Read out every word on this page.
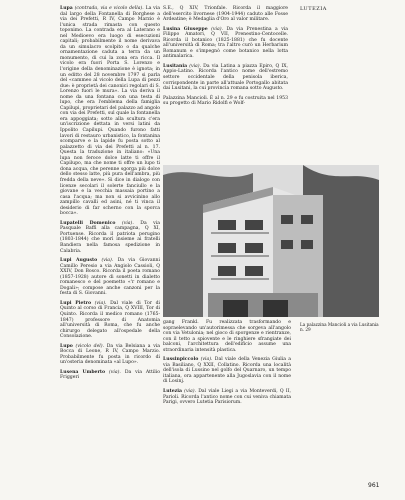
LUTEZIA

Lupa (contrada, via e vicolo della). La via dal largo della Fontanella di Borghese a via dei Prefetti, R IV, Campo Marzio è l'unica strada rimasta con questo toponimo. La contrada era al Laterano e nel Medioevo era luogo di esecuzioni capitali; probabilmente il nome derivava da un simulacro scolpito o da qualche ornamentazione caduta a terra da un monumento, di cui la zona era ricca. Il vicolo era fuori Porta S. Lorenzo e l'origine della denominazione è ignota; in un editto del 28 novembre 1797 si parla del «cammeo al vicolo della Lupa di pezzi due: è proprietà dei canonici regolari di S. Lorenzo fuori le mura». La via deriva il nome da una fontana con una testa di lupo, che era l'emblema della famiglia Capilupi, proprietari del palazzo ad angolo con via dei Prefetti, sul quale la fontanella era appoggiata; sotto alla scultura c'era un'iscrizione dettata in versi latini da Ippolito Capilupi. Quando furono fatti lavori di restauro urbanistico, la fontanina scomparve e la lapide fu posta sotto al palazzetto di via dei Prefetti al n. 17. Questa la traduzione in italiano: «Una lupa non feroce dolce latte ti offre il Capilupo, ma che nome ti offre un lupo ti dona acqua, che perenne sgorga più dolce dello stesso latte, più pura dell'ambra, più fredda della neve». Si dice in dialogo con licenze secolari il solerte fanciullo e la giovane e la vecchia massaia portino a casa l'acqua; ma non si avvicinino allo zampillo cavalli ed asini, né ti vinca il desiderio di far scherno con la sporca bocca».

Lupatelli Domenico (via). Da via Pasquale Baffi alla campagna, Q XI, Portuense. Ricorda il patriota perugino (1803-1844) che morì insieme ai fratelli Bandiera nella famosa spedizione in Calabria.

Lupi Augusto (via). Da via Giovanni Camillo Peresio a via Angiolo Cassioli, Q XXIV, Don Bosco. Ricorda il poeta romano (1857-1928) autore di sonetti in dialetto romanesco e del poemetto «'r romano e Dogali»; compose anche canzoni per la festa di S. Giovanni.

Lupi Pietro (via). Dal viale di Tor di Quinto al corso di Francia, Q XVIII, Tor di Quinto. Ricorda il medico romano (1765-1847) professore di Anatomia all'università di Roma, che fu anche chirurgo delegato all'ospedale della Consolazione.

Lupo (vicolo del). Da via Belsiana a via Bocca di Leone, R IV, Campo Marzio. Probabilmente fu posta in ricordo di un'osteria denominata «al Lupo».

Lusena Umberto (via). Da via Attilio Friggeri

S.E., Q XIV, Trionfale. Ricorda il maggiore dell'esercito livornese (1904-1944) caduto alle Fosse Ardeatine; è Medaglia d'Oro al valor militare.

Lusina Giuseppe (via). Da via Prenestina a via Filippo Amatori, Q VII, Prenestino-Centocelle. Ricorda il botanico (1825-1881) che fu docente all'università di Roma; tra l'altro curò un Herbarium Romanum e s'impegnò come botanico nella lotta antimalarica.

Lusitania (via). Da via Latina a piazza Epiro, Q IX, Appio-Latino. Ricorda l'antico nome dell'estremo settore occidentale della penisola iberica, corrispondente in parte all'attuale Portogallo abitata dai Lusitani, la cui provincia romana sotto Augusto.

Palazzina Mancioli. È al n. 29 e fu costruita nel 1953 su progetto di Mario Ridolfi e Wolf-

La palazzina Mancioli a via Lusitania n. 29

gang Frankl. Fu realizzata trasformando e sopraelevando un'autorimessa che sorgeva all'angolo con via Vetulonia; nel gioco di sporgenze e rientranze, con il tetto a spiovente e le ringhiere sfrangiate dei balconi, l'architettura dell'edificio assume una straordinaria intensità plastica.

Lussinpiccolo (via). Dal viale della Venezia Giulia a via Basiliano, Q XXII, Collatino. Ricorda una località dell'isola di Lussino nel golfo del Quarnaro, un tempo italiana, ora appartenente alla Jugoslavia con il nome di Losinj.

Lutezia (via). Dal viale Liegi a via Monteverdi, Q II, Parioli. Ricorda l'antico nome con cui veniva chiamata Parigi, ovvero Lutetia Parisiorum.

961
